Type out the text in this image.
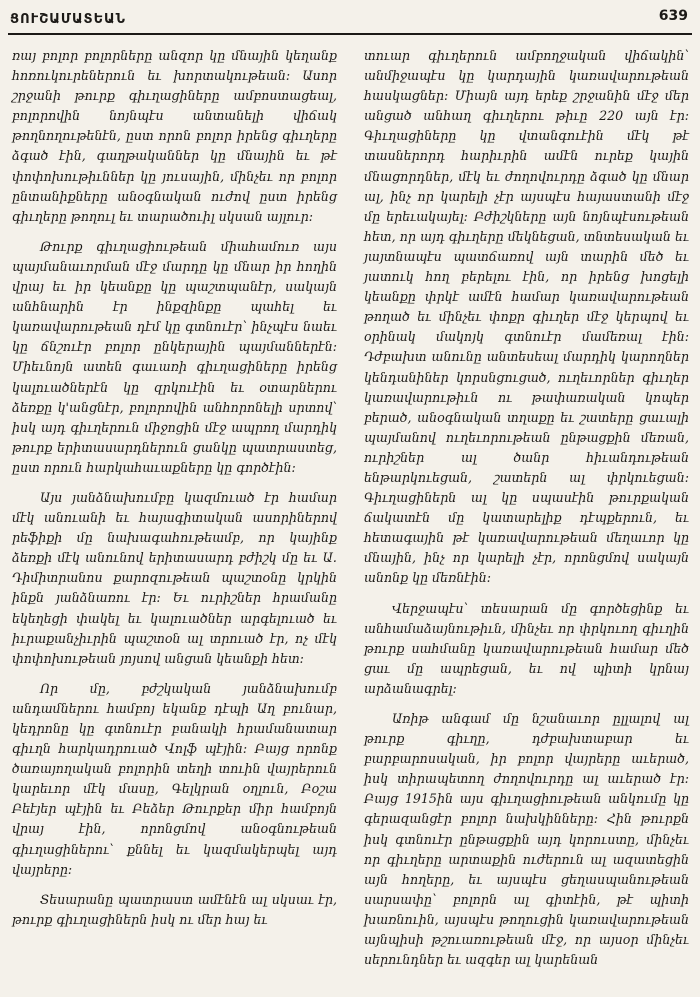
ՑՈՒՇԱՄԱՏԵԱՆ	639

ռայ բոլոր բոլորները անզոր կը մնային կեղանք հոռուկուրեներուն եւ խորտակութեան։ Ասոր շրջանի թուրք գիւղացիները ամբոստացեալ, բոլորովին նոյնպէս անտանելի վիճակ թողնողութենէն, ըստ որոն բոլոր իրենց գիւղերը ձգած էին, գաղթականներ կը մնային եւ թէ փոփոխութիւններ կը յուսային, մինչեւ որ բոլոր ընտանիքները անօգնական ուժով ըստ իրենց գիւղերը թողուլ եւ տարածուիլ սկսան այլուր։

Թուրք գիւղացիութեան միահամուռ այս պայմանաւորման մէջ մարդը կը մնար իր հողին վրայ եւ իր կեանքը կը պաշտպանէր, սակայն անհնարին էր ինքզինքը պահել եւ կառավարութեան դէմ կը գտնուէր՝ ինչպէս նաեւ կը ճնշուէր բոլոր ընկերային պայմաններէն։ Միեւնոյն ատեն գաւառի գիւղացիները իրենց կալուածներէն կը զրկուէին եւ օտարներու ձեռքը կ'անցնէր, բոլորովին անհորոնելի սրտով՝ իսկ այդ գիւղերուն միջոցին մէջ ապրող մարդիկ թուրք երիտասարդներուն ցանկը պատրաստեց, ըստ որուն հարկահաւաքները կը գործէին։

Այս յանձնախումբը կազմուած էր համար մէկ անուանի եւ հայագիտական ասորիներով րեֆիքի մը նախագահութեամբ, որ կայինք ձեռքի մէկ անունով երիտասարդ բժիշկ մը եւ Ա․ Դիմիտրանոս քարոզութեան պաշտօնը կրկին ինքն յանձնառու էր։ Եւ ուրիշներ հրամանը եկեղեցի փակել եւ կալուածներ արգելուած եւ իւրաքանչիւրին պաշտօն ալ տրուած էր, ոչ մէկ փոփոխութեան յոյսով անցան կեանքի հետ։

Որ մը, բժշկական յանձնախումբ անդամներու համբոյ եկանք դէպի Աղ բունար, կեդրոնը կը գտնուէր բանակի հրամանատար գիւղն հարկադրուած Վոլֆ պէյին։ Բայց որոնք ծառայողական բոլորին տեղի տուին վայրերուն կարեւոր մէկ մասը, Գելկրան օղլուն, Բօշա Բեէյեր պէյին եւ Բեձեր Թուրքեր միր համբոյն վրայ էին, որոնցմով անօգնութեան գիւղացիներու՝ քննել եւ կազմակերպել այդ վայրերը։

Տեսարանը պատրաստ ամէնէն ալ սկսաւ էր, թուրք գիւղացիներն իսկ ու մեր հայ եւ

տուար գիւղերուն ամբողջական վիճակին՝ անմիջապէս կը կարդային կառավարութեան հասկացներ։ Միայն այդ երեք շրջանին մէջ մեր անցած անհաղ գիւղերու թիւը 220 այն էր։ Գիւղացիները կը վտանգուէին մէկ թէ տասներորդ հարիւրին ամէն ուրեք կային մնացորդներ, մէկ եւ ժողովուրդը ձգած կը մնար ալ, ինչ որ կարելի չէր այսպէս հայաստանի մէջ մը երեւակայել։ Բժիշկները այն նոյնպէսութեան հետ, որ այդ գիւղերը մեկնեցան, տնտեսական եւ յայտնապէս պատճառով այն տարին մեծ եւ յատուկ հող բերելու էին, որ իրենց խոցելի կեանքը փրկէ ամէն համար կառավարութեան թողած եւ մինչեւ փոքր գիւղեր մէջ կերպով եւ օրինակ մակոյկ գտնուէր մամեռալ էին։ Դժբախտ անունը անտեսեալ մարդիկ կարողներ կենդանիներ կորսնցուցած, ուղեւորներ գիւղեր կառավարութիւն ու թափառական կոպեր բերած, անօգնական տղաքը եւ շատերը ցաւալի պայմանով ուղեւորութեան ընթացքին մեռան, ուրիշներ ալ ծանր հիւանդութեան ենթարկուեցան, շատերն ալ փրկուեցան։ Գիւղացիներն ալ կը սպասէին թուրքական ճակատէն մը կատարելիք դէպքերուն, եւ հետագային թէ կառավարութեան մեղաւոր կը մնային, ինչ որ կարելի չէր, որոնցմով սակայն անոնք կը մեռնէին։

Վերջապէս՝ տեսարան մը գործեցինք եւ անհամաձայնութիւն, մինչեւ որ փրկուող գիւղին թուրք սահմանը կառավարութեան համար մեծ ցաւ մը ապրեցան, եւ ով պիտի կրնայ արձանագրել։

Առիթ անգամ մը նշանաւոր ըլլալով ալ թուրք գիւղը, դժբախտաբար եւ բարբարոսական, իր բոլոր վայրերը աւերած, իսկ տիրապետող ժողովուրդը ալ աւերած էր։ Բայց 1915ին այս գիւղացիութեան անկումը կը գերազանցէր բոլոր նախկինները։ Հին թուրքն իսկ գտնուէր ընթացքին այդ կորուստը, մինչեւ որ գիւղերը արտաքին ուժերուն ալ ազատեցին այն հողերը, եւ այսպէս ցեղասպանութեան սարսափը՝ բոլորն ալ գիտէին, թէ պիտի խառնուին, այսպէս թողուցին կառավարութեան այնպիսի թշուառութեան մէջ, որ այսօր մինչեւ սերունդներ եւ ազգեր ալ կարենան
